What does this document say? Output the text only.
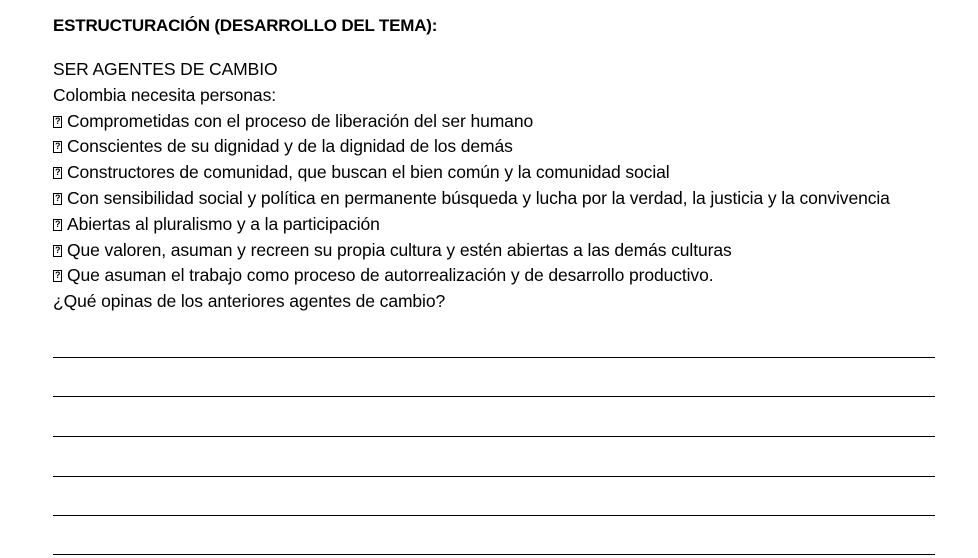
ESTRUCTURACIÓN (DESARROLLO DEL TEMA):
SER AGENTES DE CAMBIO
Colombia necesita personas:
?Comprometidas con el proceso de liberación del ser humano
?Conscientes de su dignidad y de la dignidad de los demás
?Constructores de comunidad, que buscan el bien común y la comunidad social
?Con sensibilidad social y política en permanente búsqueda y lucha por la verdad, la justicia y la convivencia
?Abiertas al pluralismo y a la participación
?Que valoren, asuman y recreen su propia cultura y estén abiertas a las demás culturas
?Que asuman el trabajo como proceso de autorrealización y de desarrollo productivo.
¿Qué opinas de los anteriores agentes de cambio?
